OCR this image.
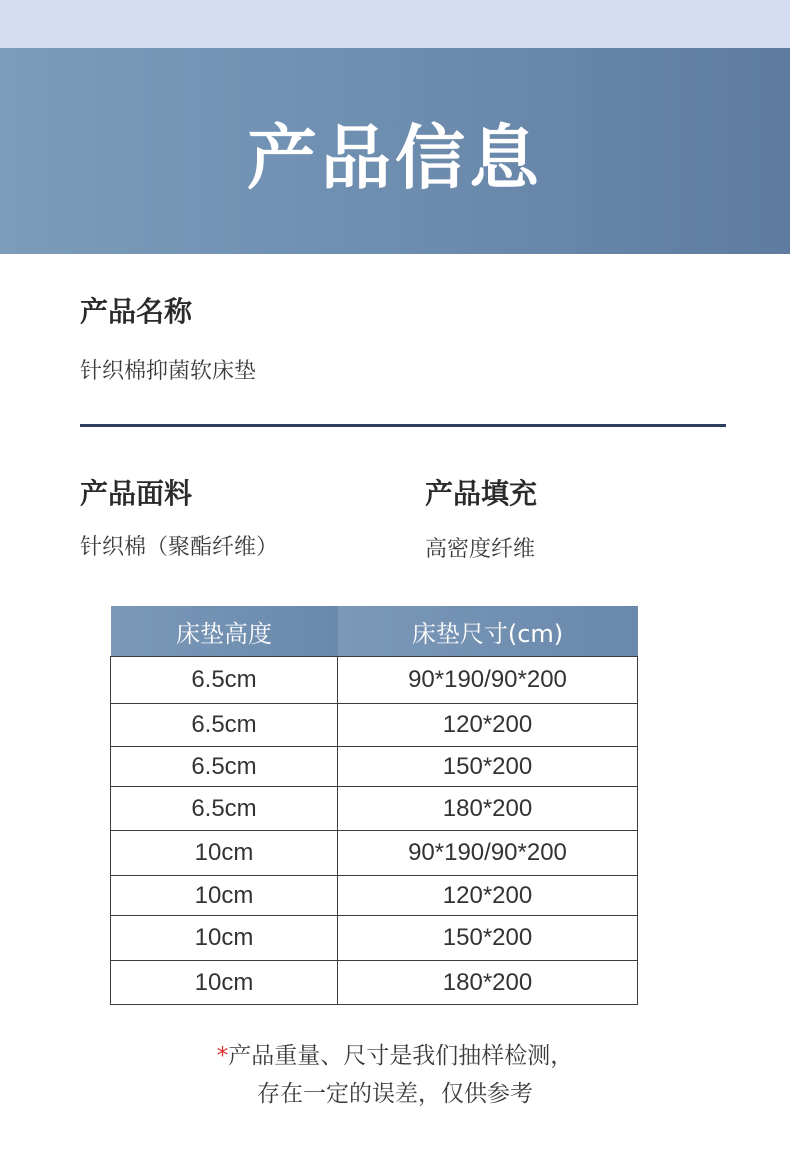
产品信息
产品名称
针织棉抑菌软床垫
产品面料
针织棉（聚酯纤维）
产品填充
高密度纤维
床垫高度	床垫尺寸(cm)
6.5cm	90*190/90*200
6.5cm	120*200
6.5cm	150*200
6.5cm	180*200
10cm	90*190/90*200
10cm	120*200
10cm	150*200
10cm	180*200
*产品重量、尺寸是我们抽样检测，
存在一定的误差，仅供参考
